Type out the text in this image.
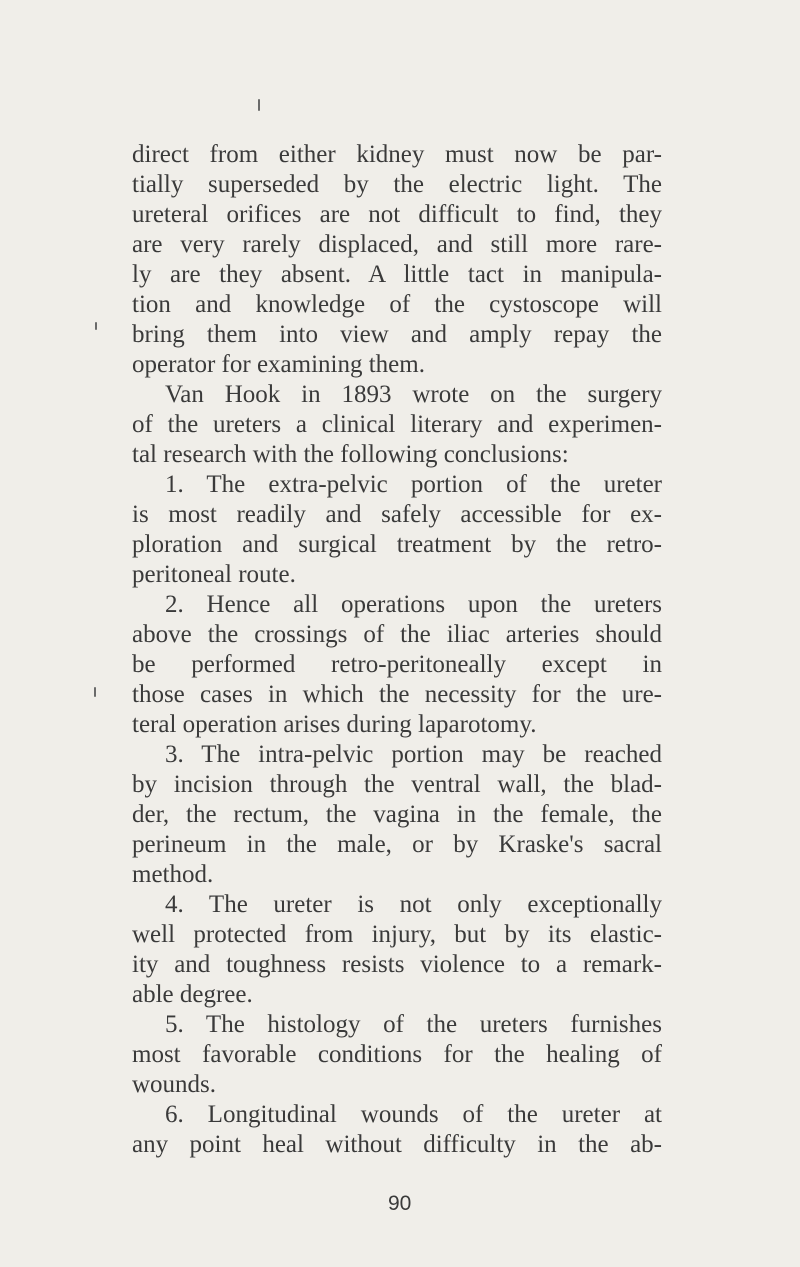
direct from either kidney must now be par-
tially superseded by the electric light. The
ureteral orifices are not difficult to find, they
are very rarely displaced, and still more rare-
ly are they absent. A little tact in manipula-
tion and knowledge of the cystoscope will
bring them into view and amply repay the
operator for examining them.
Van Hook in 1893 wrote on the surgery
of the ureters a clinical literary and experimen-
tal research with the following conclusions:
1. The extra-pelvic portion of the ureter
is most readily and safely accessible for ex-
ploration and surgical treatment by the retro-
peritoneal route.
2. Hence all operations upon the ureters
above the crossings of the iliac arteries should
be performed retro-peritoneally except in
those cases in which the necessity for the ure-
teral operation arises during laparotomy.
3. The intra-pelvic portion may be reached
by incision through the ventral wall, the blad-
der, the rectum, the vagina in the female, the
perineum in the male, or by Kraske's sacral
method.
4. The ureter is not only exceptionally
well protected from injury, but by its elastic-
ity and toughness resists violence to a remark-
able degree.
5. The histology of the ureters furnishes
most favorable conditions for the healing of
wounds.
6. Longitudinal wounds of the ureter at
any point heal without difficulty in the ab-
90
